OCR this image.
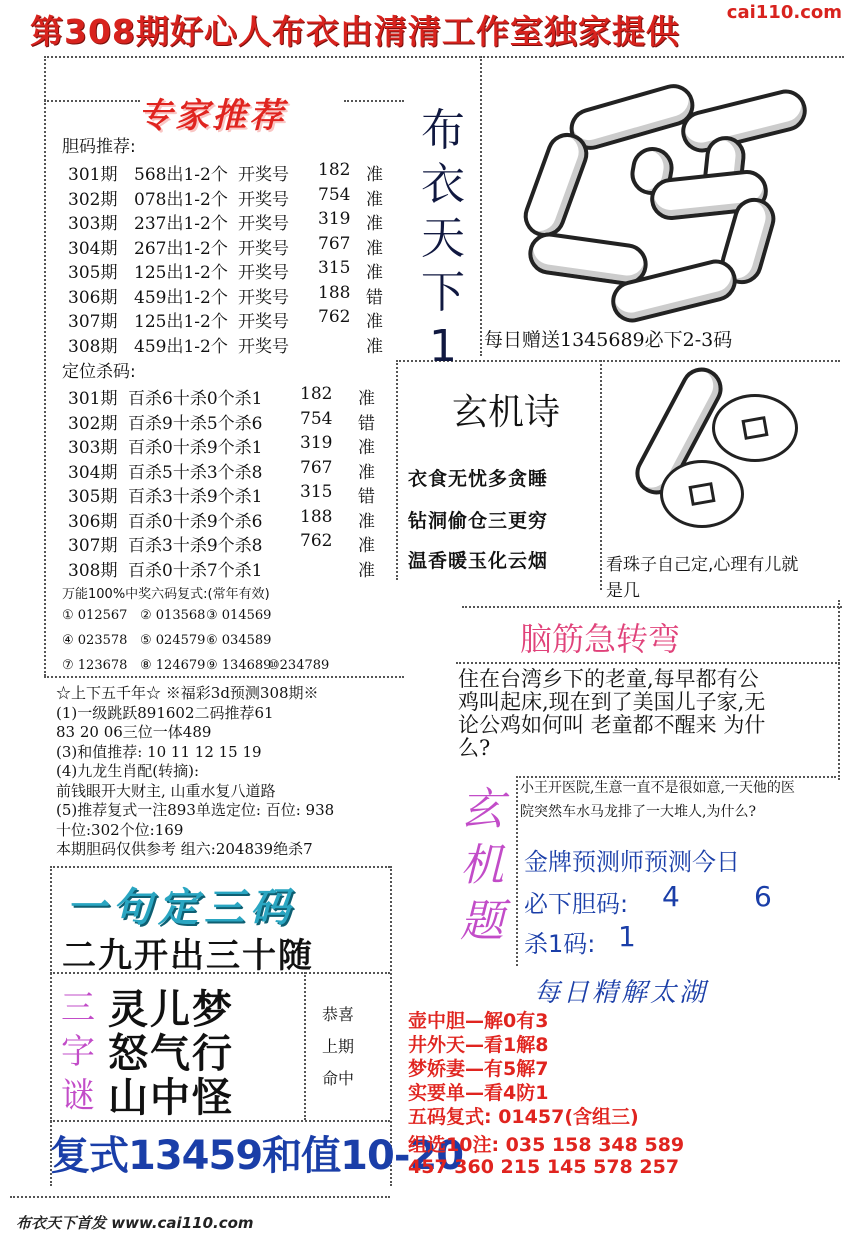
第308期好心人布衣由清清工作室独家提供	cai110.com
专家推荐
胆码推荐:
301期 568出1-2个 开奖号 182 准
302期 078出1-2个 开奖号 754 准
303期 237出1-2个 开奖号 319 准
304期 267出1-2个 开奖号 767 准
305期 125出1-2个 开奖号 315 准
306期 459出1-2个 开奖号 188 错
307期 125出1-2个 开奖号 762 准
308期 459出1-2个 开奖号	准
定位杀码:
301期 百杀6十杀0个杀1 182 准
302期 百杀9十杀5个杀6 754 错
303期 百杀0十杀9个杀1 319 准
304期 百杀5十杀3个杀8 767 准
305期 百杀3十杀9个杀1 315 错
306期 百杀0十杀9个杀6 188 准
307期 百杀3十杀9个杀8 762 准
308期 百杀0十杀7个杀1	准
万能100%中奖六码复式:(常年有效)
① 012567 ② 013568 ③ 014569
④ 023578 ⑤ 024579 ⑥ 034589
⑦ 123678 ⑧ 124679 ⑨ 134689
⑩234789
☆上下五千年☆ ※福彩3d预测308期※
(1)一级跳跃891602二码推荐61
83 20 06三位一体489
(3)和值推荐: 10 11 12 15 19
(4)九龙生肖配(转摘):
前钱眼开大财主, 山重水复八道路
(5)推荐复式一注893单选定位: 百位: 938
十位:302个位:169
本期胆码仅供参考 组六:204839绝杀7
一句定三码
二九开出三十随
三字谜
灵儿梦
怒气行
山中怪
恭喜
上期
命中
复式13459和值10-20
布衣天下首发 www.cai110.com
布衣天下1	每日赠送1345689必下2-3码
玄机诗
衣食无忧多贪睡
钻洞偷仓三更穷
温香暖玉化云烟	看珠子自己定,心理有儿就是几
脑筋急转弯
住在台湾乡下的老童,每早都有公鸡叫起床,现在到了美国儿子家,无论公鸡如何叫 老童都不醒来 为什么?
玄机题
小王开医院,生意一直不是很如意,一天他的医院突然车水马龙排了一大堆人,为什么?
金牌预测师预测今日
必下胆码: 4	6
杀1码: 1
每日精解太湖
壶中胆—解0有3
井外天—看1解8
梦娇妻—有5解7
实要单—看4防1
五码复式: 01457(含组三)
组选10注: 035 158 348 589
457 360 215 145 578 257
